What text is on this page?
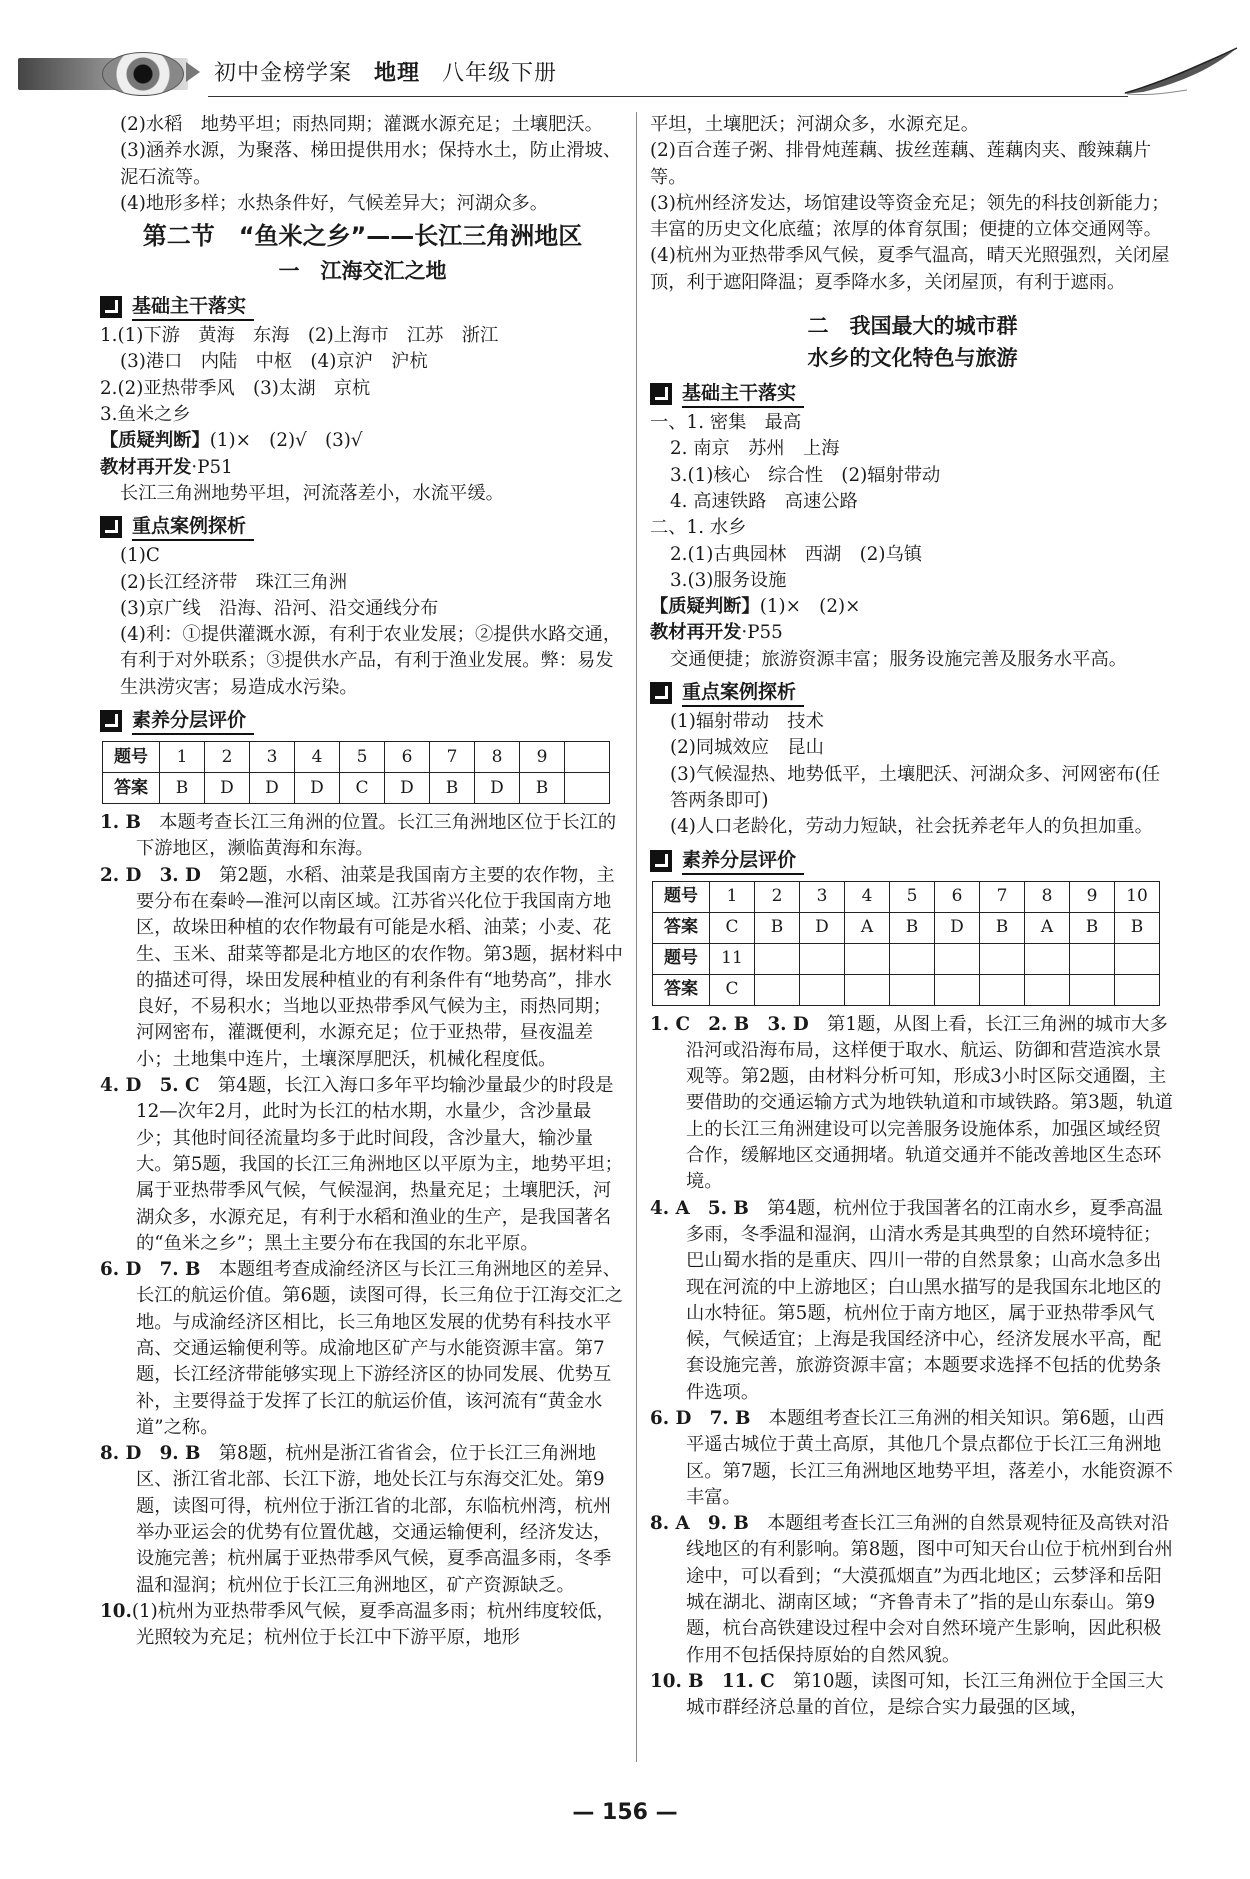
初中金榜学案 地理 八年级下册

(2)水稻　地势平坦；雨热同期；灌溉水源充足；土壤肥沃。

(3)涵养水源，为聚落、梯田提供用水；保持水土，防止滑坡、泥石流等。

(4)地形多样；水热条件好，气候差异大；河湖众多。

第二节　“鱼米之乡”——长江三角洲地区
一　江海交汇之地
基础主干落实

1.(1)下游　黄海　东海　(2)上海市　江苏　浙江

(3)港口　内陆　中枢　(4)京沪　沪杭

2.(2)亚热带季风　(3)太湖　京杭

3.鱼米之乡

【质疑判断】(1)×　(2)√　(3)√

教材再开发·P51

长江三角洲地势平坦，河流落差小，水流平缓。

重点案例探析

(1)C

(2)长江经济带　珠江三角洲

(3)京广线　沿海、沿河、沿交通线分布

(4)利：①提供灌溉水源，有利于农业发展；②提供水路交通，有利于对外联系；③提供水产品，有利于渔业发展。弊：易发生洪涝灾害；易造成水污染。

素养分层评价
题号	1	2	3	4	5	6	7	8	9	
答案	B	D	D	D	C	D	B	D	B	

1. B　 本题考查长江三角洲的位置。长江三角洲地区位于长江的下游地区，濒临黄海和东海。

2. D　3. D　 第2题，水稻、油菜是我国南方主要的农作物，主要分布在秦岭—淮河以南区域。江苏省兴化位于我国南方地区，故垛田种植的农作物最有可能是水稻、油菜；小麦、花生、玉米、甜菜等都是北方地区的农作物。第3题，据材料中的描述可得，垛田发展种植业的有利条件有“地势高”，排水良好，不易积水；当地以亚热带季风气候为主，雨热同期；河网密布，灌溉便利，水源充足；位于亚热带，昼夜温差小；土地集中连片，土壤深厚肥沃，机械化程度低。

4. D　5. C　 第4题，长江入海口多年平均输沙量最少的时段是12—次年2月，此时为长江的枯水期，水量少，含沙量最少；其他时间径流量均多于此时间段，含沙量大，输沙量大。第5题，我国的长江三角洲地区以平原为主，地势平坦；属于亚热带季风气候，气候湿润，热量充足；土壤肥沃，河湖众多，水源充足，有利于水稻和渔业的生产，是我国著名的“鱼米之乡”；黑土主要分布在我国的东北平原。

6. D　7. B　 本题组考查成渝经济区与长江三角洲地区的差异、长江的航运价值。第6题，读图可得，长三角位于江海交汇之地。与成渝经济区相比，长三角地区发展的优势有科技水平高、交通运输便利等。成渝地区矿产与水能资源丰富。第7题，长江经济带能够实现上下游经济区的协同发展、优势互补，主要得益于发挥了长江的航运价值，该河流有“黄金水道”之称。

8. D　9. B　 第8题，杭州是浙江省省会，位于长江三角洲地区、浙江省北部、长江下游，地处长江与东海交汇处。第9题，读图可得，杭州位于浙江省的北部，东临杭州湾，杭州举办亚运会的优势有位置优越，交通运输便利，经济发达，设施完善；杭州属于亚热带季风气候，夏季高温多雨，冬季温和湿润；杭州位于长江三角洲地区，矿产资源缺乏。

10.(1)杭州为亚热带季风气候，夏季高温多雨；杭州纬度较低，光照较为充足；杭州位于长江中下游平原，地形

平坦，土壤肥沃；河湖众多，水源充足。

(2)百合莲子粥、排骨炖莲藕、拔丝莲藕、莲藕肉夹、酸辣藕片等。

(3)杭州经济发达，场馆建设等资金充足；领先的科技创新能力；丰富的历史文化底蕴；浓厚的体育氛围；便捷的立体交通网等。

(4)杭州为亚热带季风气候，夏季气温高，晴天光照强烈，关闭屋顶，利于遮阳降温；夏季降水多，关闭屋顶，有利于遮雨。

二　我国最大的城市群
水乡的文化特色与旅游
基础主干落实

一、1. 密集　最高

2. 南京　苏州　上海

3.(1)核心　综合性　(2)辐射带动

4. 高速铁路　高速公路

二、1. 水乡

2.(1)古典园林　西湖　(2)乌镇

3.(3)服务设施

【质疑判断】(1)×　(2)×

教材再开发·P55

交通便捷；旅游资源丰富；服务设施完善及服务水平高。

重点案例探析

(1)辐射带动　技术

(2)同城效应　昆山

(3)气候湿热、地势低平，土壤肥沃、河湖众多、河网密布(任答两条即可)

(4)人口老龄化，劳动力短缺，社会抚养老年人的负担加重。

素养分层评价
题号	1	2	3	4	5	6	7	8	9	10
答案	C	B	D	A	B	D	B	A	B	B
题号	11									
答案	C									

1. C　2. B　3. D　 第1题，从图上看，长江三角洲的城市大多沿河或沿海布局，这样便于取水、航运、防御和营造滨水景观等。第2题，由材料分析可知，形成3小时区际交通圈，主要借助的交通运输方式为地铁轨道和市域铁路。第3题，轨道上的长江三角洲建设可以完善服务设施体系，加强区域经贸合作，缓解地区交通拥堵。轨道交通并不能改善地区生态环境。

4. A　5. B　 第4题，杭州位于我国著名的江南水乡，夏季高温多雨，冬季温和湿润，山清水秀是其典型的自然环境特征；巴山蜀水指的是重庆、四川一带的自然景象；山高水急多出现在河流的中上游地区；白山黑水描写的是我国东北地区的山水特征。第5题，杭州位于南方地区，属于亚热带季风气候，气候适宜；上海是我国经济中心，经济发展水平高，配套设施完善，旅游资源丰富；本题要求选择不包括的优势条件选项。

6. D　7. B　 本题组考查长江三角洲的相关知识。第6题，山西平遥古城位于黄土高原，其他几个景点都位于长江三角洲地区。第7题，长江三角洲地区地势平坦，落差小，水能资源不丰富。

8. A　9. B　 本题组考查长江三角洲的自然景观特征及高铁对沿线地区的有利影响。第8题，图中可知天台山位于杭州到台州途中，可以看到；“大漠孤烟直”为西北地区；云梦泽和岳阳城在湖北、湖南区域；“齐鲁青未了”指的是山东泰山。第9题，杭台高铁建设过程中会对自然环境产生影响，因此积极作用不包括保持原始的自然风貌。

10. B　11. C　 第10题，读图可知，长江三角洲位于全国三大城市群经济总量的首位，是综合实力最强的区域，

— 156 —
